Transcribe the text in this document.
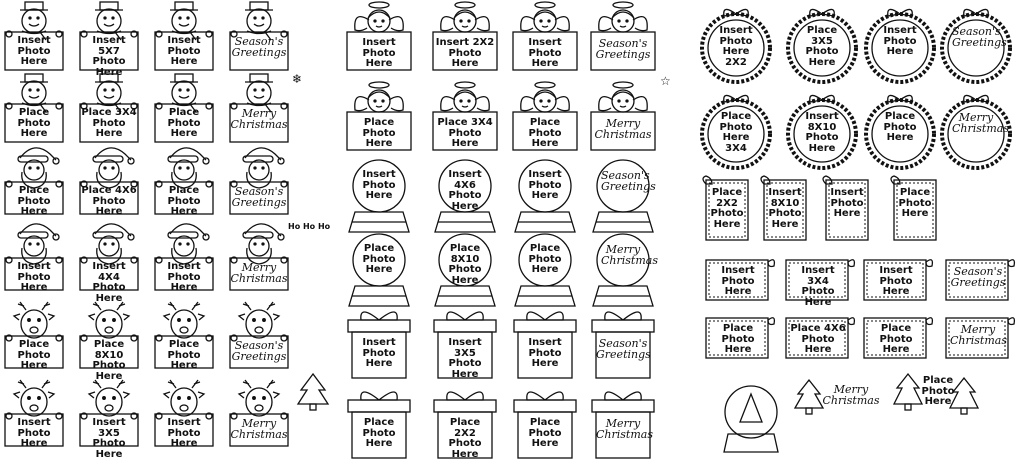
Insert
Photo Here
Insert 5X7
Photo Here
Insert
Photo
Here
Season's
Greetings
Place
Photo Here
Place 3X4
Photo Here
Place
Photo
Here
Merry
Christmas
Place
Photo Here
Place 4X6
Photo Here
Place
Photo
Here
Season's
Greetings
Insert
Photo Here
Insert 4X4
Photo Here
Insert
Photo
Here
Merry
Christmas
Place
Photo Here
Place 8X10
Photo Here
Place
Photo
Here
Season's
Greetings
Insert
Photo Here
Insert 3X5
Photo Here
Insert
Photo
Here
Merry
Christmas
❄
Ho Ho Ho
Insert
Photo Here
Insert 2X2
Photo Here
Insert
Photo
Here
Season's
Greetings
Place
Photo Here
Place 3X4
Photo Here
Place
Photo
Here
Merry
Christmas
Insert
Photo Here
Insert 4X6
Photo Here
Insert
Photo
Here
Season's
Greetings
Place
Photo Here
Place 8X10
Photo Here
Place
Photo
Here
Merry
Christmas
Insert
Photo Here
Insert 3X5
Photo Here
Insert
Photo
Here
Season's
Greetings
Place
Photo Here
Place 2X2
Photo Here
Place
Photo
Here
Merry
Christmas
☆
Insert
Photo Here
2X2
Place
3X5
Photo
Here
Insert
Photo
Here
Season's
Greetings
Place
Photo Here
3X4
Insert
8X10
Photo
Here
Place
Photo
Here
Merry
Christmas
Place
2X2
Photo
Here
Insert
8X10
Photo
Here
Insert
Photo
Here
Place
Photo
Here
Insert
Photo Here
Insert 3X4
Photo Here
Insert
Photo
Here
Season's
Greetings
Place
Photo Here
Place 4X6
Photo Here
Place
Photo
Here
Merry
Christmas
Merry
Christmas
Place
Photo
Here
